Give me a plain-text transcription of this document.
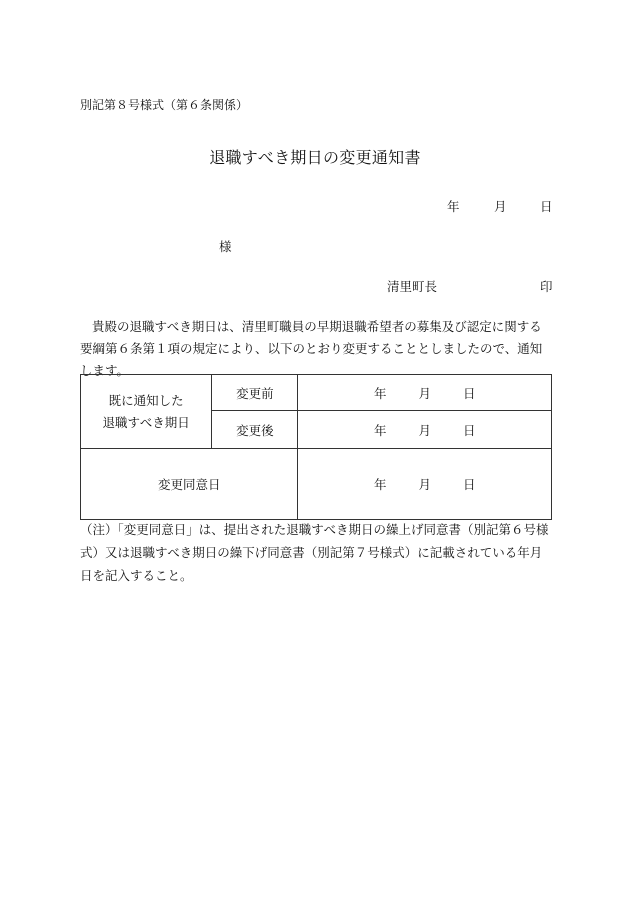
別記第８号様式（第６条関係）
退職すべき期日の変更通知書
年	月	日
様
清里町長	印
貴殿の退職すべき期日は、清里町職員の早期退職希望者の募集及び認定に関する要綱第６条第１項の規定により、以下のとおり変更することとしましたので、通知します。
既に通知した
退職すべき期日	変更前	年 月 日
	変更後	年 月 日
変更同意日		年 月 日
（注）「変更同意日」は、提出された退職すべき期日の繰上げ同意書（別記第６号様式）又は退職すべき期日の繰下げ同意書（別記第７号様式）に記載されている年月日を記入すること。
